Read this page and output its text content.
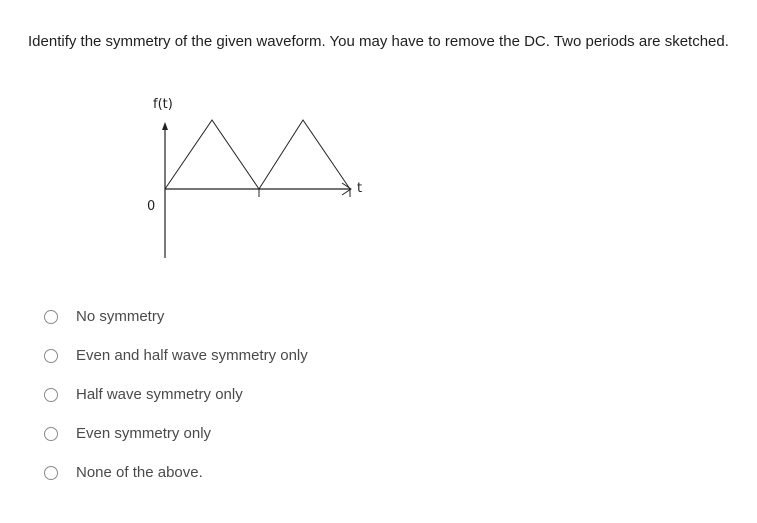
Identify the symmetry of the given waveform. You may have to remove the DC. Two periods are sketched.
f(t)
t
0
No symmetry
Even and half wave symmetry only
Half wave symmetry only
Even symmetry only
None of the above.
